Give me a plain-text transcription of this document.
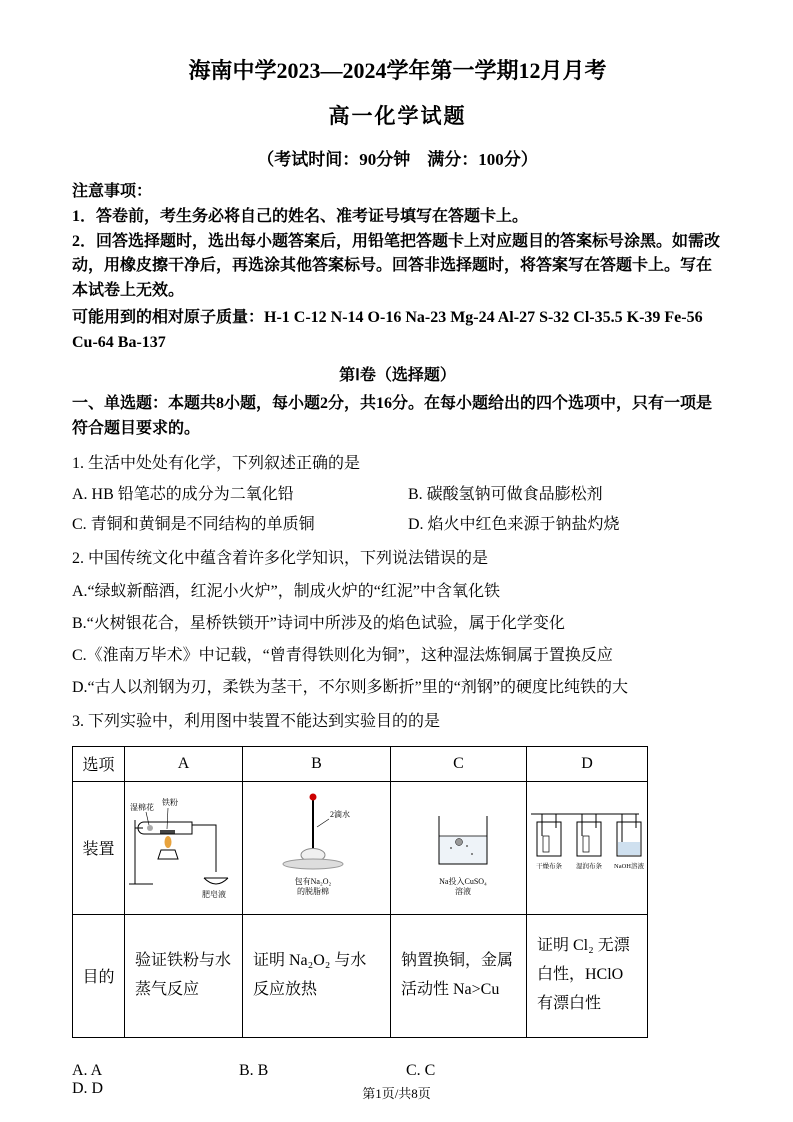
海南中学2023—2024学年第一学期12月月考
高一化学试题
（考试时间：90分钟　满分：100分）
注意事项：
1．答卷前，考生务必将自己的姓名、准考证号填写在答题卡上。
2．回答选择题时，选出每小题答案后，用铅笔把答题卡上对应题目的答案标号涂黑。如需改动，用橡皮擦干净后，再选涂其他答案标号。回答非选择题时，将答案写在答题卡上。写在本试卷上无效。
可能用到的相对原子质量：H-1 C-12 N-14 O-16 Na-23 Mg-24 Al-27 S-32 Cl-35.5 K-39 Fe-56 Cu-64 Ba-137
第Ⅰ卷（选择题）
一、单选题：本题共8小题，每小题2分，共16分。在每小题给出的四个选项中，只有一项是符合题目要求的。
1. 生活中处处有化学，下列叙述正确的是
A. HB 铅笔芯的成分为二氧化铅	B. 碳酸氢钠可做食品膨松剂
C. 青铜和黄铜是不同结构的单质铜	D. 焰火中红色来源于钠盐灼烧
2. 中国传统文化中蕴含着许多化学知识，下列说法错误的是
A.“绿蚁新醅酒，红泥小火炉”，制成火炉的“红泥”中含氧化铁
B.“火树银花合，星桥铁锁开”诗词中所涉及的焰色试验，属于化学变化
C.《淮南万毕术》中记载，“曾青得铁则化为铜”，这种湿法炼铜属于置换反应
D.“古人以剂钢为刃，柔铁为茎干，不尔则多断折”里的“剂钢”的硬度比纯铁的大
3. 下列实验中，利用图中装置不能达到实验目的的是
选项	A	B	C	D
装置	湿棉花
铁粉
肥皂液	2滴水
包有Na₂O₂
的脱脂棉	Na投入CuSO₄
溶液	干燥布条 湿润布条 NaOH溶液

目的	验证铁粉与水蒸气反应	证明 Na₂O₂ 与水反应放热	钠置换铜，金属活动性 Na>Cu	证明 Cl₂ 无漂白性，HClO 有漂白性
A. A	B. B	C. C D. D	第1页/共8页
